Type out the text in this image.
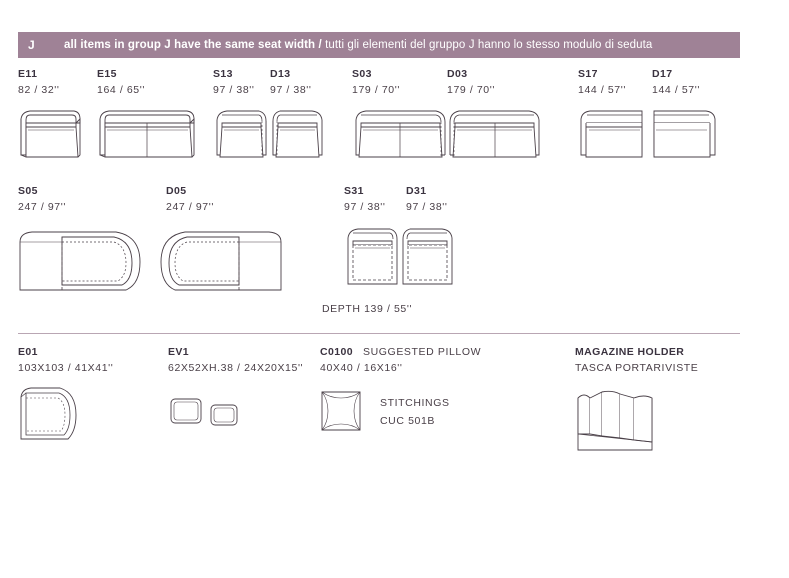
J	all items in group J have the same seat width / tutti gli elementi del gruppo J hanno lo stesso modulo di seduta
E11
82 / 32''
E15
164 / 65''
S13
97 / 38''
D13
97 / 38''
S03
179 / 70''
D03
179 / 70''
S17
144 / 57''
D17
144 / 57''
S05
247 / 97''
D05
247 / 97''
S31
97 / 38''
D31
97 / 38''
DEPTH 139 / 55''
E01
103X103 / 41X41''
EV1
62X52XH.38 / 24X20X15''
C0100 SUGGESTED PILLOW
40X40 / 16X16''
MAGAZINE HOLDER
TASCA PORTARIVISTE
STITCHINGS
CUC 501B
